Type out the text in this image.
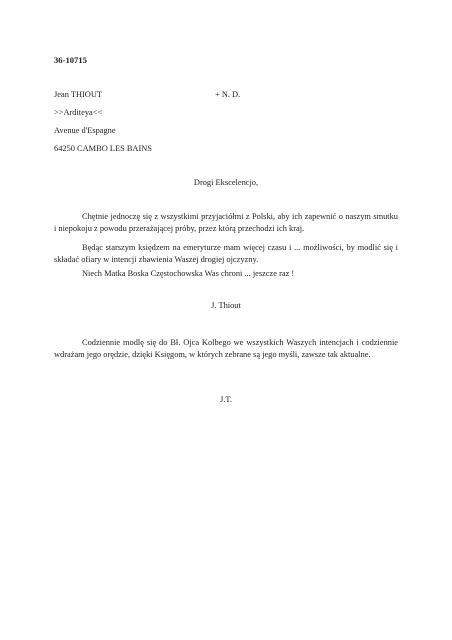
36-10715
Jean THIOUT	+ N. D.
>>Arditeya<<
Avenue d'Espagne
64250 CAMBO LES BAINS
Drogi Ekscelencjo,
Chętnie jednoczę się z wszystkimi przyjaciółmi z Polski, aby ich zapewnić o naszym smutku i niepokoju z powodu przerażającej próby, przez którą przechodzi ich kraj.
Będąc starszym księdzem na emeryturze mam więcej czasu i ... możliwości, by modlić się i składać ofiary w intencji zbawienia Waszej drogiej ojczyzny.
Niech Matka Boska Częstochowska Was chroni ... jeszcze raz !
J. Thiout
Codziennie modlę się do Bł. Ojca Kolbego we wszystkich Waszych intencjach i codziennie wdrażam jego orędzie, dzięki Księgom, w których zebrane są jego myśli, zawsze tak aktualne.
J.T.
